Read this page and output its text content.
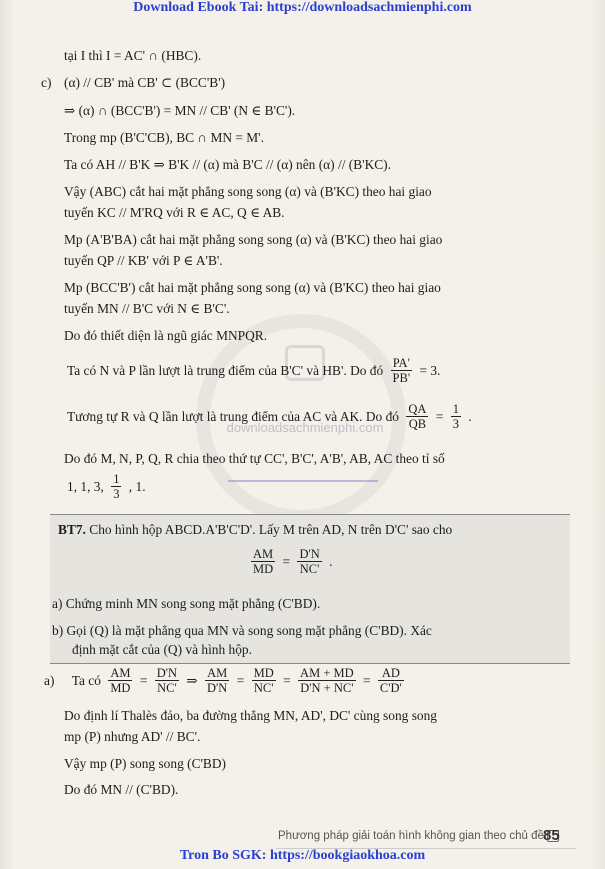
Download Ebook Tai: https://downloadsachmienphi.com
downloadsachmienphi.com
tại I thì I = AC' ∩ (HBC).
c) (α) // CB' mà CB' ⊂ (BCC'B')
⇒ (α) ∩ (BCC'B') = MN // CB' (N ∈ B'C').
Trong mp (B'C'CB), BC ∩ MN = M'.
Ta có AH // B'K ⇒ B'K // (α) mà B'C // (α) nên (α) // (B'KC).
Vậy (ABC) cắt hai mặt phẳng song song (α) và (B'KC) theo hai giao
tuyến KC // M'RQ với R ∈ AC, Q ∈ AB.
Mp (A'B'BA) cắt hai mặt phẳng song song (α) và (B'KC) theo hai giao
tuyến QP // KB' với P ∈ A'B'.
Mp (BCC'B') cắt hai mặt phẳng song song (α) và (B'KC) theo hai giao
tuyến MN // B'C với N ∈ B'C'.
Do đó thiết diện là ngũ giác MNPQR.
Ta có N và P lần lượt là trung điểm của B'C' và HB'. Do đó $\frac{PA'}{PB'} = 3$.
Tương tự R và Q lần lượt là trung điểm của AC và AK. Do đó $\frac{QA}{QB} = \frac{1}{3}$ .
Do đó M, N, P, Q, R chia theo thứ tự CC', B'C', A'B', AB, AC theo tỉ số
1, 1, 3, $\frac{1}{3}$ , 1.
BT7. Cho hình hộp ABCD.A'B'C'D'. Lấy M trên AD, N trên D'C' sao cho
$\frac{AM}{MD} = \frac{D'N}{NC'}$ .
a) Chứng minh MN song song mặt phẳng (C'BD).
b) Gọi (Q) là mặt phẳng qua MN và song song mặt phẳng (C'BD). Xác
định mặt cắt của (Q) và hình hộp.
a) Ta có $\frac{AM}{MD} = \frac{D'N}{NC'}$ ⇒ $\frac{AM}{D'N} = \frac{MD}{NC'} = \frac{AM + MD}{D'N + NC'} = \frac{AD}{C'D'}$
Do định lí Thalès đảo, ba đường thẳng MN, AD', DC' cùng song song
mp (P) nhưng AD' // BC'.
Vậy mp (P) song song (C'BD)
Do đó MN // (C'BD).
Phương pháp giải toán hình không gian theo chủ đề 85
Tron Bo SGK: https://bookgiaokhoa.com
